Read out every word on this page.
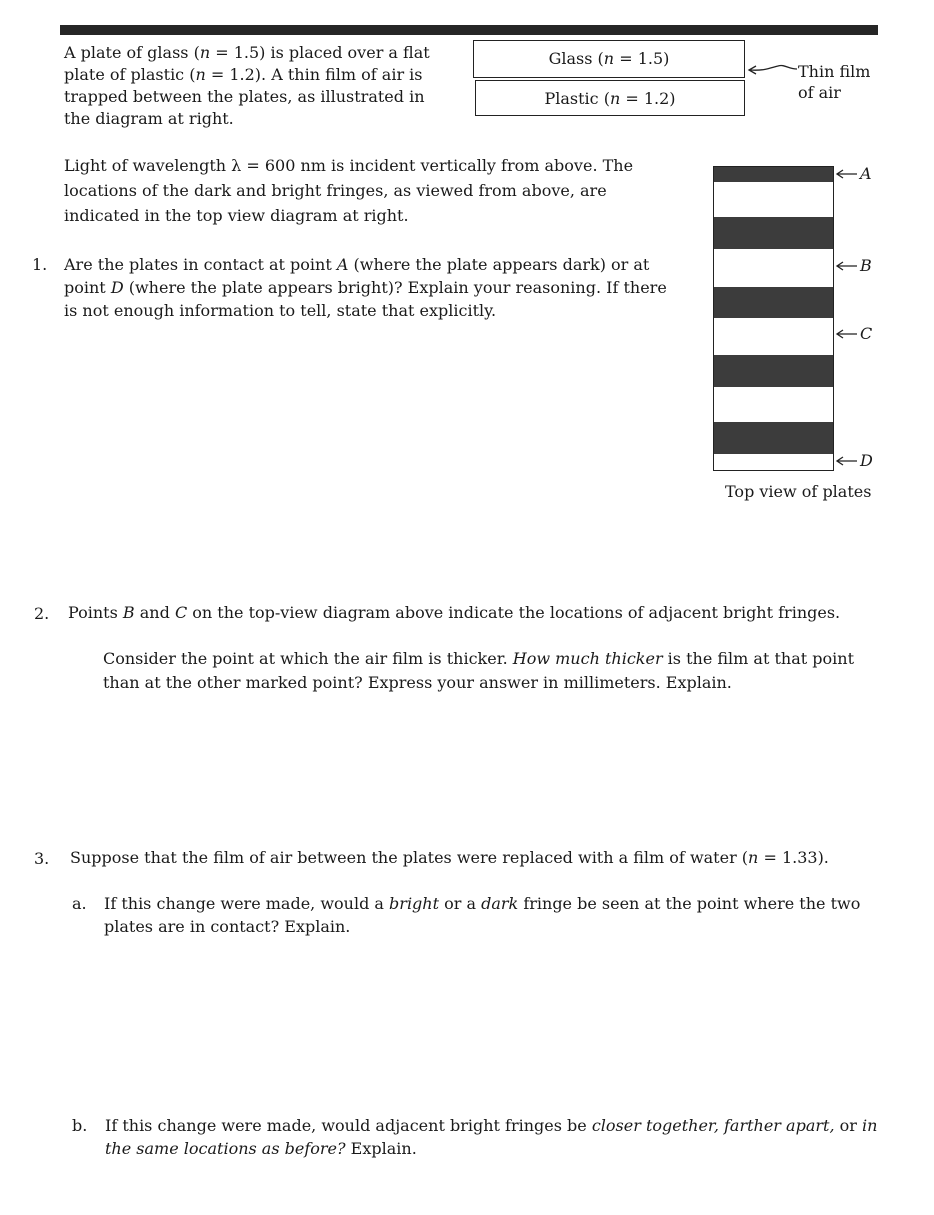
A plate of glass (n = 1.5) is placed over a flat plate of plastic (n = 1.2). A thin film of air is trapped between the plates, as illustrated in the diagram at right.

Glass (n = 1.5)
Plastic (n = 1.2)
Thin film
of air

Light of wavelength λ = 600 nm is incident vertically from above. The locations of the dark and bright fringes, as viewed from above, are indicated in the top view diagram at right.

A
B
C
D
Top view of plates
1. Are the plates in contact at point A (where the plate appears dark) or at point D (where the plate appears bright)? Explain your reasoning. If there is not enough information to tell, state that explicitly.

2. Points B and C on the top-view diagram above indicate the locations of adjacent bright fringes.

Consider the point at which the air film is thicker. How much thicker is the film at that point than at the other marked point? Express your answer in millimeters. Explain.

3. Suppose that the film of air between the plates were replaced with a film of water (n = 1.33).

a. If this change were made, would a bright or a dark fringe be seen at the point where the two plates are in contact? Explain.

b. If this change were made, would adjacent bright fringes be closer together, farther apart, or in the same locations as before? Explain.
